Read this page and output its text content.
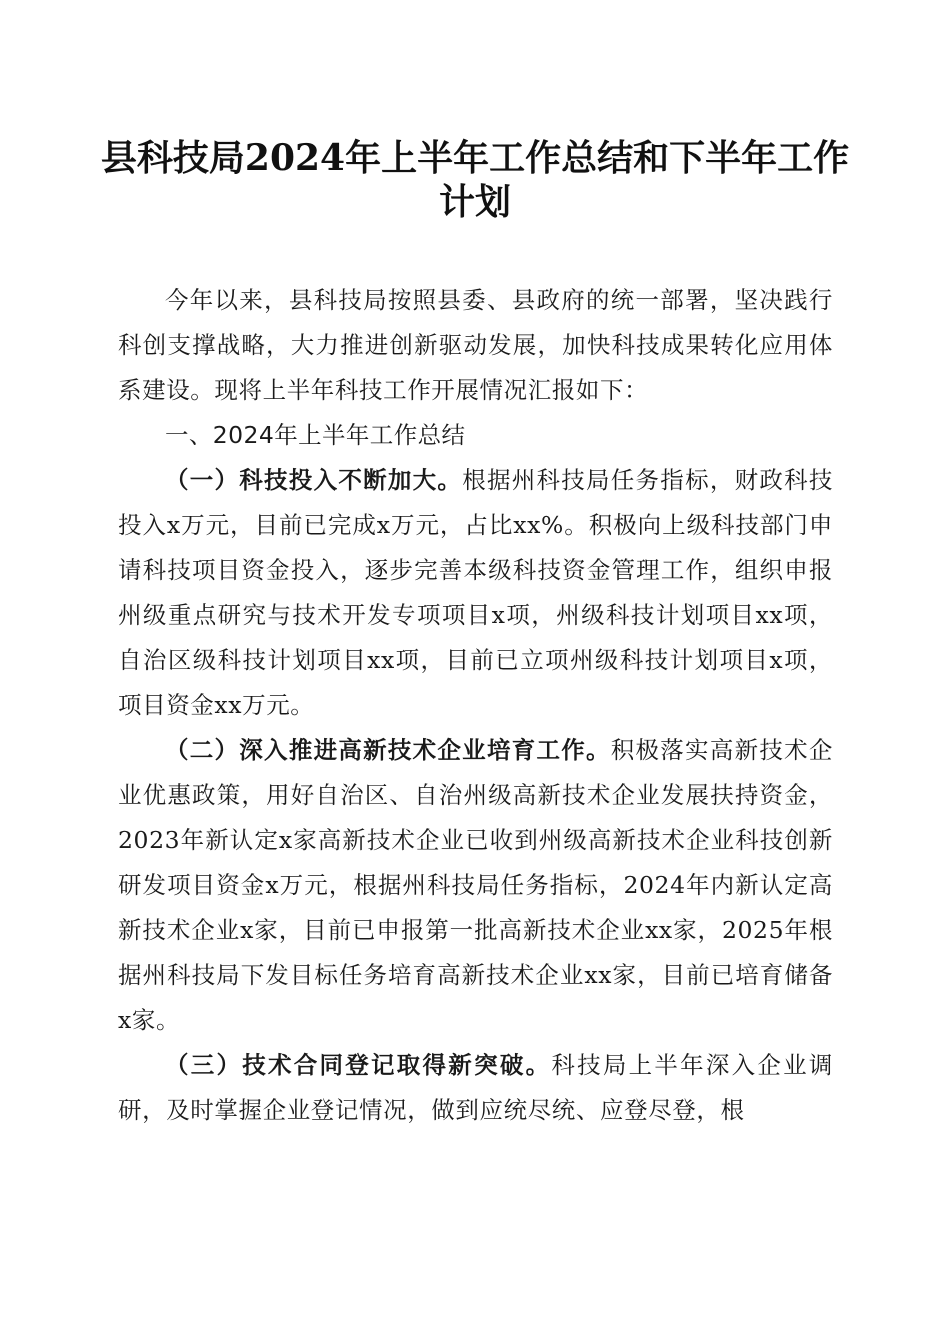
县科技局2024年上半年工作总结和下半年工作计划

今年以来，县科技局按照县委、县政府的统一部署，坚决践行科创支撑战略，大力推进创新驱动发展，加快科技成果转化应用体系建设。现将上半年科技工作开展情况汇报如下：

一、2024年上半年工作总结

（一）科技投入不断加大。根据州科技局任务指标，财政科技投入x万元，目前已完成x万元，占比xx%。积极向上级科技部门申请科技项目资金投入，逐步完善本级科技资金管理工作，组织申报州级重点研究与技术开发专项项目x项，州级科技计划项目xx项，自治区级科技计划项目xx项，目前已立项州级科技计划项目x项，项目资金xx万元。

（二）深入推进高新技术企业培育工作。积极落实高新技术企业优惠政策，用好自治区、自治州级高新技术企业发展扶持资金，2023年新认定x家高新技术企业已收到州级高新技术企业科技创新研发项目资金x万元，根据州科技局任务指标，2024年内新认定高新技术企业x家，目前已申报第一批高新技术企业xx家，2025年根据州科技局下发目标任务培育高新技术企业xx家，目前已培育储备x家。

（三）技术合同登记取得新突破。科技局上半年深入企业调研，及时掌握企业登记情况，做到应统尽统、应登尽登，根
